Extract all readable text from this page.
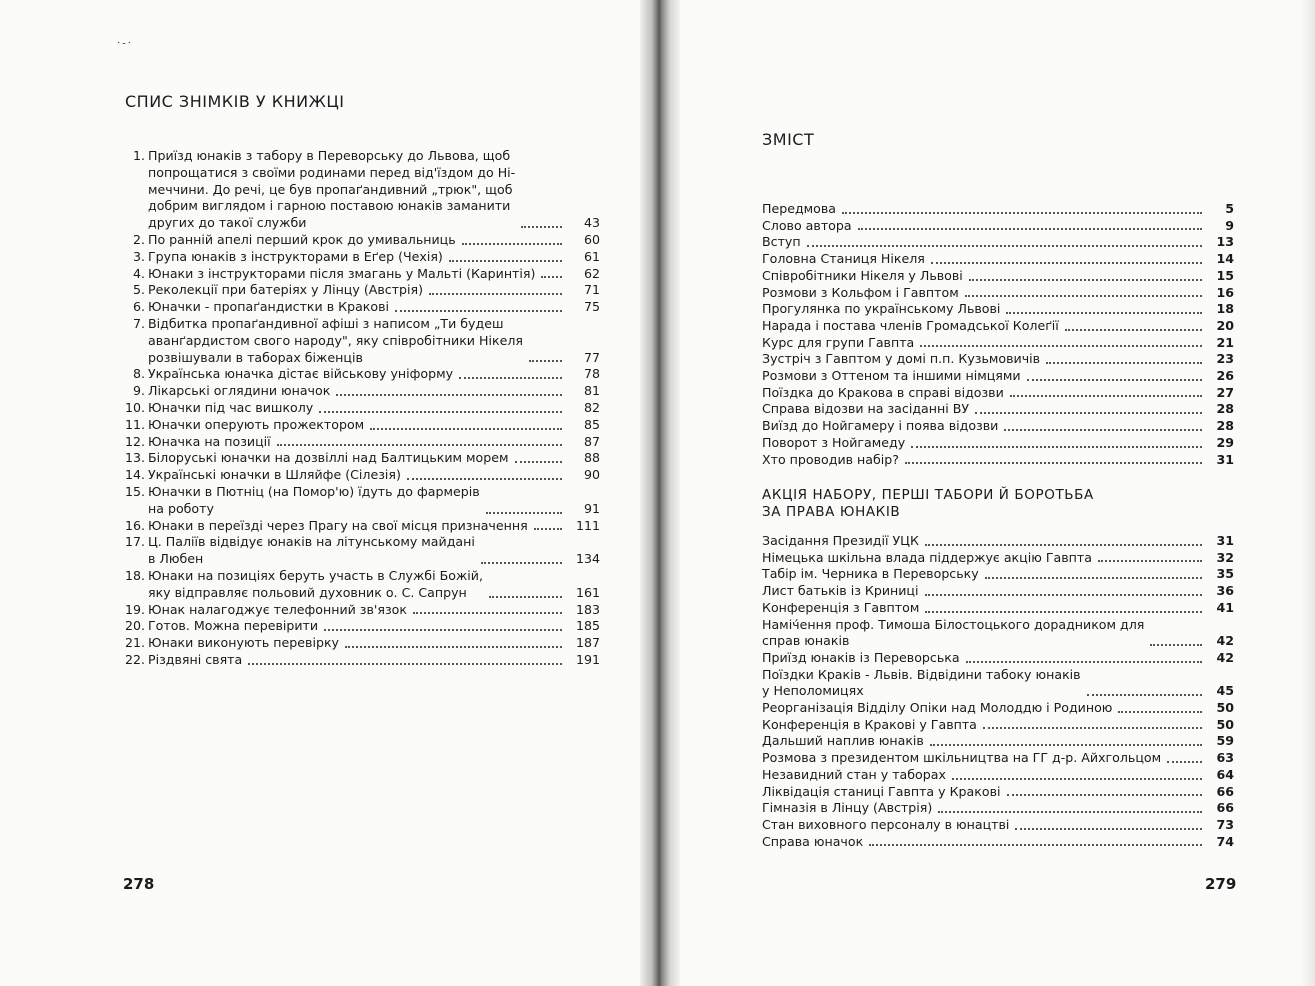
·-·
СПИС ЗНІМКІВ У КНИЖЦІ
1. Приїзд юнаків з табору в Переворську до Львова, щоб
попрощатися з своїми родинами перед від'їздом до Ні-
меччини. До речі, це був пропаґандивний „трюк", щоб
добрим виглядом і гарною поставою юнаків заманити
других до такої служби	43
2. По ранній апелі перший крок до умивальниць	60
3. Група юнаків з інструкторами в Еґер (Чехія)	61
4. Юнаки з інструкторами після змагань у Мальті (Каринтія)	62
5. Реколекції при батеріях у Лінцу (Австрія)	71
6. Юначки - пропаґандистки в Кракові	75
7. Відбитка пропаґандивної афіші з написом „Ти будеш
аванґардистом свого народу", яку співробітники Нікеля
розвішували в таборах біженців	77
8. Українська юначка дістає військову уніформу	78
9. Лікарські оглядини юначок	81
10. Юначки під час вишколу	82
11. Юначки оперують прожектором	85
12. Юначка на позиції	87
13. Білоруські юначки на дозвіллі над Балтицьким морем	88
14. Українські юначки в Шляйфе (Сілезія)	90
15. Юначки в Пютніц (на Помор'ю) їдуть до фармерів
на роботу	91
16. Юнаки в переїзді через Прагу на свої місця призначення	111
17. Ц. Паліїв відвідує юнаків на літунському майдані
в Любен	134
18. Юнаки на позиціях беруть участь в Службі Божій,
яку відправляє польовий духовник о. С. Сапрун	161
19. Юнак налагоджує телефонний зв'язок	183
20. Готов. Можна перевірити	185
21. Юнаки виконують перевірку	187
22. Різдвяні свята	191
278
ЗМІСТ
Передмова	5
Слово автора	9
Вступ	13
Головна Станиця Нікеля	14
Співробітники Нікеля у Львові	15
Розмови з Кольфом і Гавптом	16
Прогулянка по українському Львові	18
Нарада і постава членів Громадської Колеґії	20
Курс для групи Гавпта	21
Зустріч з Гавптом у домі п.п. Кузьмовичів	23
Розмови з Оттеном та іншими німцями	26
Поїздка до Кракова в справі відозви	27
Справа відозви на засіданні ВУ	28
Виїзд до Нойгамеру і поява відозви	28
Поворот з Нойгамеду	29
Хто проводив набір?	31
АКЦІЯ НАБОРУ, ПЕРШІ ТАБОРИ Й БОРОТЬБА
ЗА ПРАВА ЮНАКІВ
Засідання Президії УЦК	31
Німецька шкільна влада піддержує акцію Гавпта	32
Табір ім. Черника в Переворську	35
Лист батьків із Криниці	36
Конференція з Гавптом	41
Наміч́ення проф. Тимоша Білостоцького дорадником для
справ юнаків	42
Приїзд юнаків із Переворська	42
Поїздки Краків - Львів. Відвідини табоку юнаків
у Неполомицях	45
Реорганізація Відділу Опіки над Молоддю і Родиною	50
Конференція в Кракові у Гавпта	50
Дальший наплив юнаків	59
Розмова з президентом шкільництва на ГГ д-р. Айхгольцом	63
Незавидний стан у таборах	64
Ліквідація станиці Гавпта у Кракові	66
Гімназія в Лінцу (Австрія)	66
Стан виховного персоналу в юнацтві	73
Справа юначок	74
279
